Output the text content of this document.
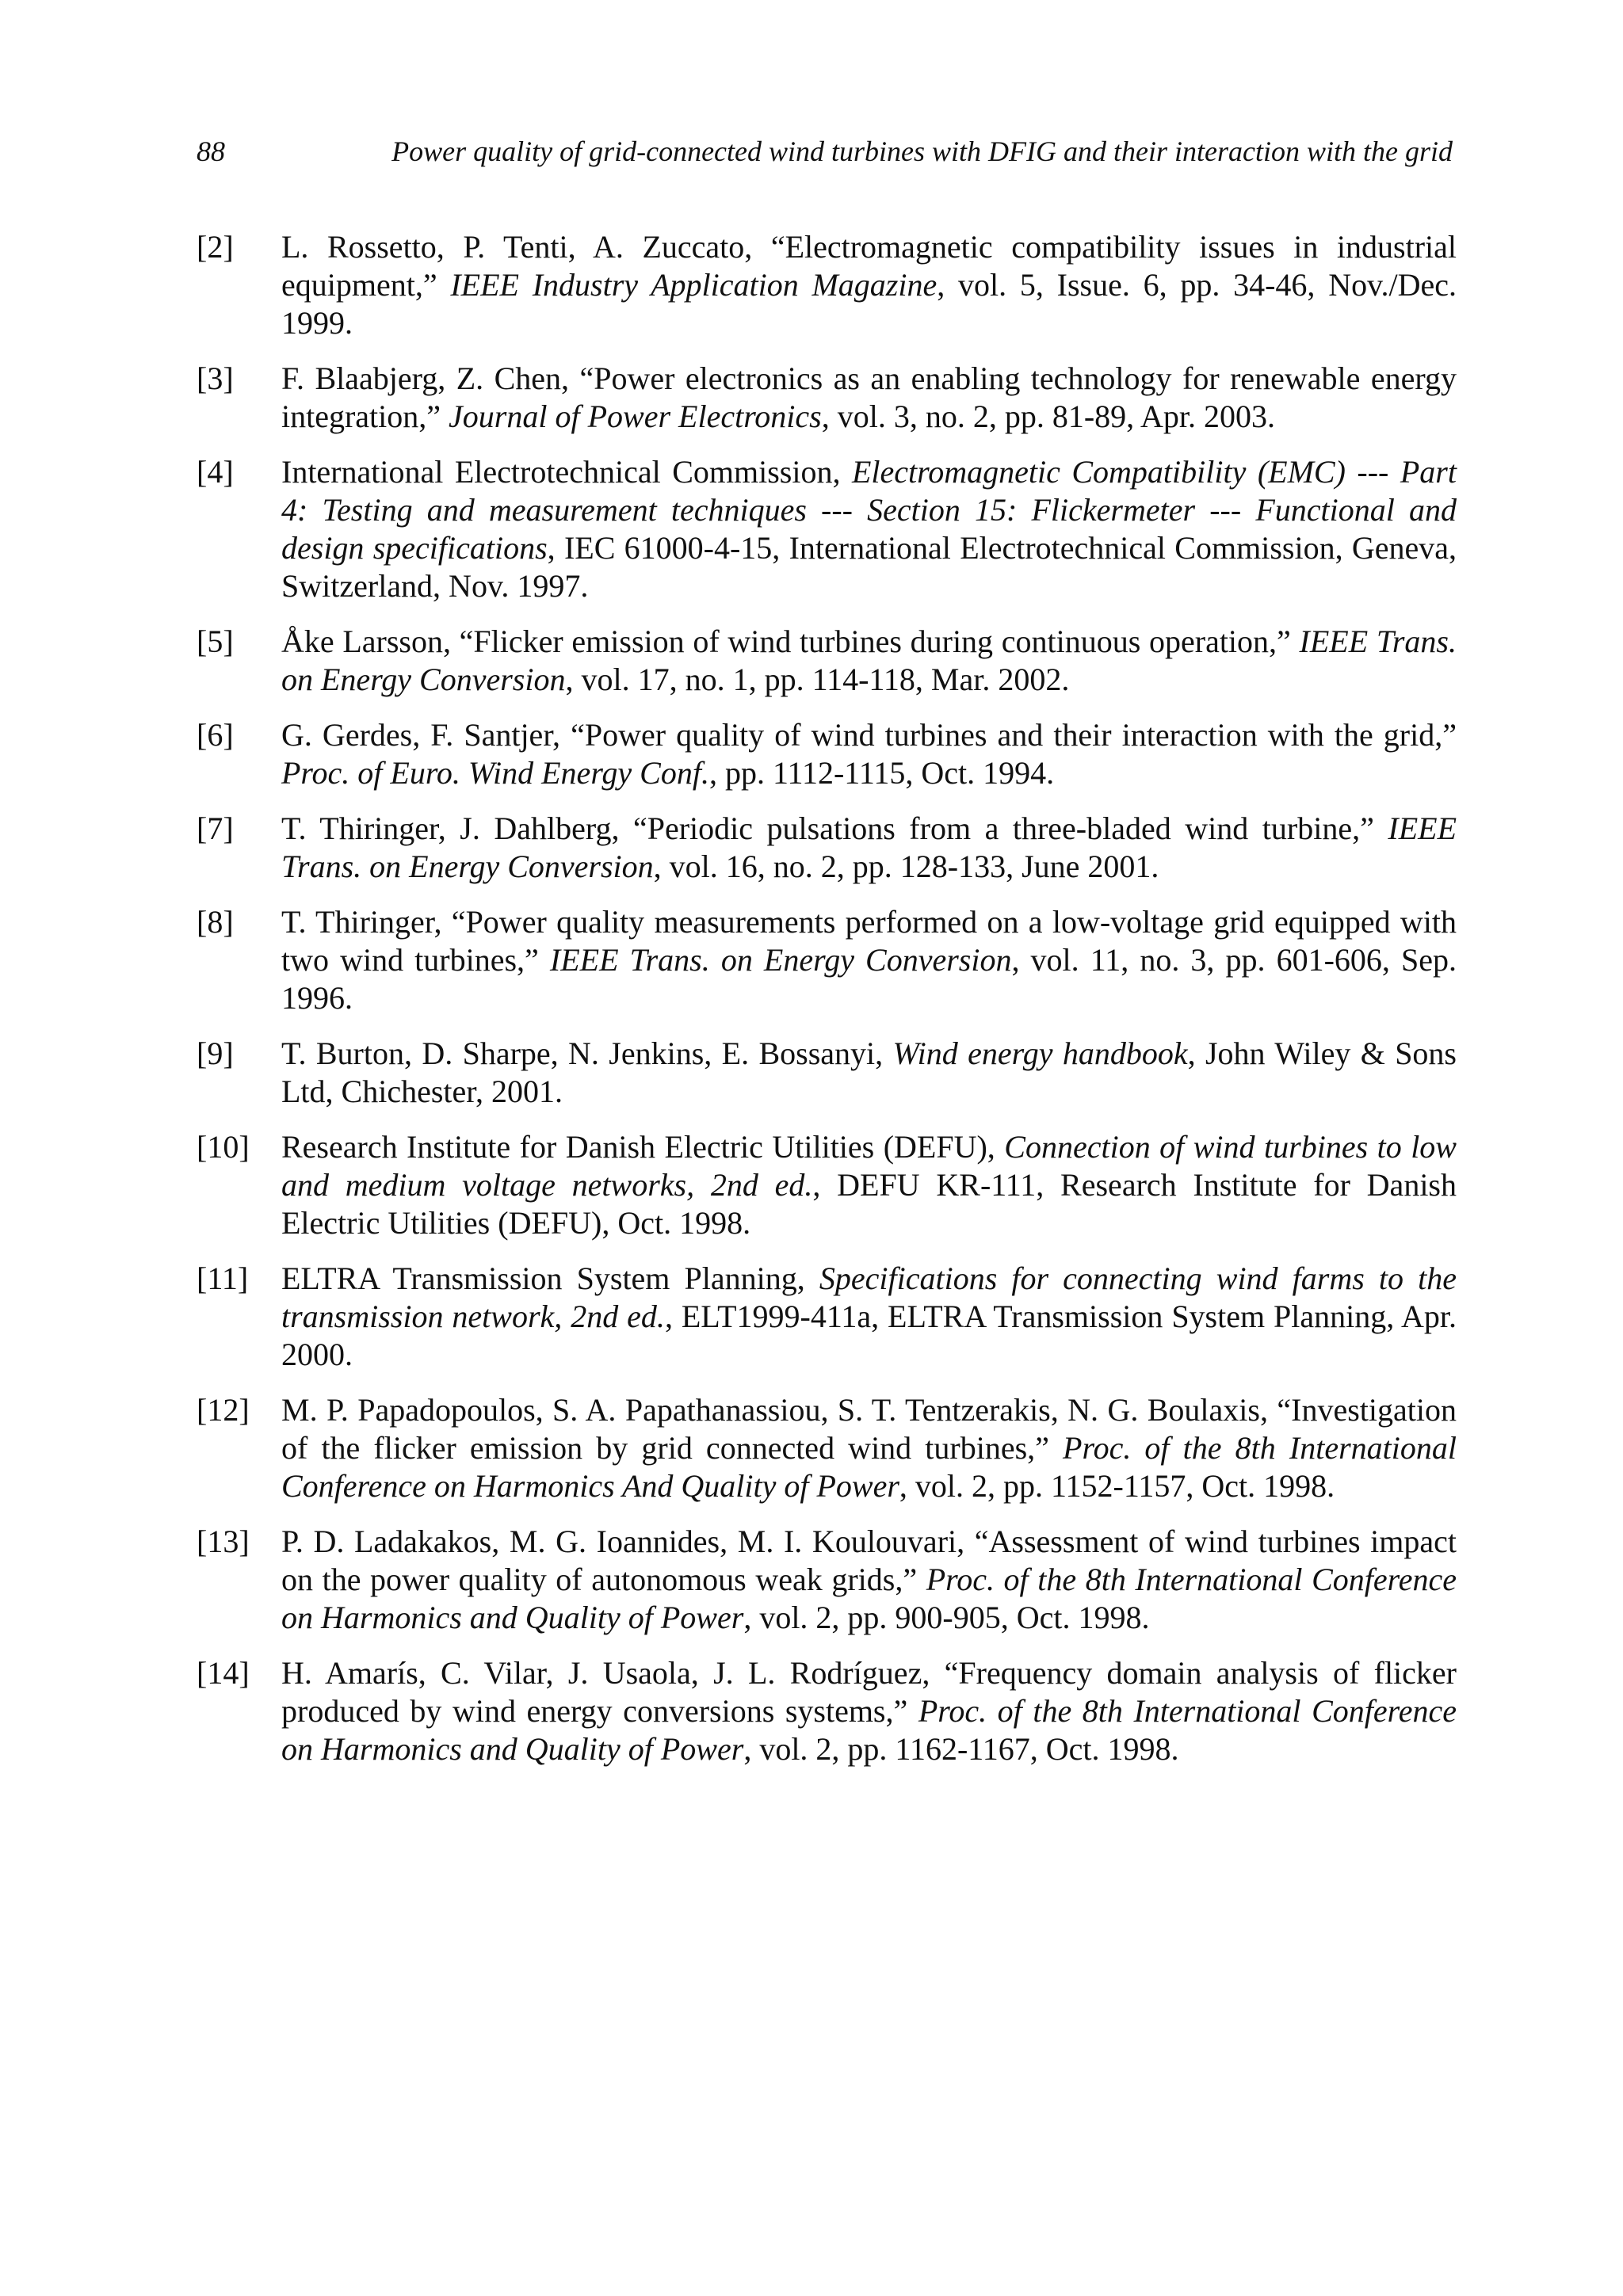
88	Power quality of grid-connected wind turbines with DFIG and their interaction with the grid
[2] L. Rossetto, P. Tenti, A. Zuccato, “Electromagnetic compatibility issues in industrial equipment,” IEEE Industry Application Magazine, vol. 5, Issue. 6, pp. 34-46, Nov./Dec. 1999.
[3] F. Blaabjerg, Z. Chen, “Power electronics as an enabling technology for renewable energy integration,” Journal of Power Electronics, vol. 3, no. 2, pp. 81-89, Apr. 2003.
[4] International Electrotechnical Commission, Electromagnetic Compatibility (EMC) --- Part 4: Testing and measurement techniques --- Section 15: Flickermeter --- Functional and design specifications, IEC 61000-4-15, International Electrotechnical Commission, Geneva, Switzerland, Nov. 1997.
[5] Åke Larsson, “Flicker emission of wind turbines during continuous operation,” IEEE Trans. on Energy Conversion, vol. 17, no. 1, pp. 114-118, Mar. 2002.
[6] G. Gerdes, F. Santjer, “Power quality of wind turbines and their interaction with the grid,” Proc. of Euro. Wind Energy Conf., pp. 1112-1115, Oct. 1994.
[7] T. Thiringer, J. Dahlberg, “Periodic pulsations from a three-bladed wind turbine,” IEEE Trans. on Energy Conversion, vol. 16, no. 2, pp. 128-133, June 2001.
[8] T. Thiringer, “Power quality measurements performed on a low-voltage grid equipped with two wind turbines,” IEEE Trans. on Energy Conversion, vol. 11, no. 3, pp. 601-606, Sep. 1996.
[9] T. Burton, D. Sharpe, N. Jenkins, E. Bossanyi, Wind energy handbook, John Wiley & Sons Ltd, Chichester, 2001.
[10] Research Institute for Danish Electric Utilities (DEFU), Connection of wind turbines to low and medium voltage networks, 2nd ed., DEFU KR-111, Research Institute for Danish Electric Utilities (DEFU), Oct. 1998.
[11] ELTRA Transmission System Planning, Specifications for connecting wind farms to the transmission network, 2nd ed., ELT1999-411a, ELTRA Transmission System Planning, Apr. 2000.
[12] M. P. Papadopoulos, S. A. Papathanassiou, S. T. Tentzerakis, N. G. Boulaxis, “Investigation of the flicker emission by grid connected wind turbines,” Proc. of the 8th International Conference on Harmonics And Quality of Power, vol. 2, pp. 1152-1157, Oct. 1998.
[13] P. D. Ladakakos, M. G. Ioannides, M. I. Koulouvari, “Assessment of wind turbines impact on the power quality of autonomous weak grids,” Proc. of the 8th International Conference on Harmonics and Quality of Power, vol. 2, pp. 900-905, Oct. 1998.
[14] H. Amarís, C. Vilar, J. Usaola, J. L. Rodríguez, “Frequency domain analysis of flicker produced by wind energy conversions systems,” Proc. of the 8th International Conference on Harmonics and Quality of Power, vol. 2, pp. 1162-1167, Oct. 1998.
